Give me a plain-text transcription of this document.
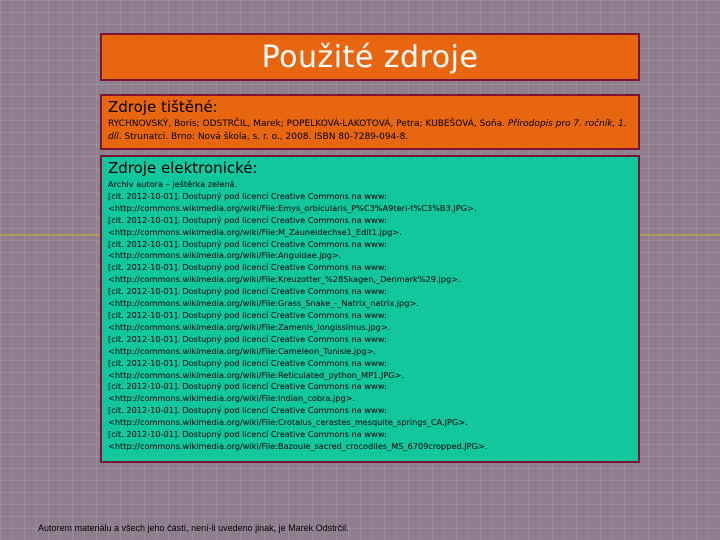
Použité zdroje
Zdroje tištěné:
RYCHNOVSKÝ, Boris; ODSTRČIL, Marek; POPELKOVÁ-LAKOTOVÁ, Petra; KUBEŠOVÁ, Soňa. Přírodopis pro 7. ročník, 1. díl. Strunatci. Brno: Nová škola, s. r. o., 2008. ISBN 80-7289-094-8.
Zdroje elektronické:
Archiv autora – ještěrka zelená.
[cit. 2012-10-01]. Dostupný pod licencí Creative Commons na www:
<http://commons.wikimedia.org/wiki/File:Emys_orbicularis_P%C3%A9teri-t%C3%B3.JPG>.
[cit. 2012-10-01]. Dostupný pod licencí Creative Commons na www:
<http://commons.wikimedia.org/wiki/File:M_Zauneidechse1_Edit1.jpg>.
[cit. 2012-10-01]. Dostupný pod licencí Creative Commons na www:
<http://commons.wikimedia.org/wiki/File:Anguidae.jpg>.
[cit. 2012-10-01]. Dostupný pod licencí Creative Commons na www:
<http://commons.wikimedia.org/wiki/File:Kreuzotter_%28Skagen,_Denmark%29.jpg>.
[cit. 2012-10-01]. Dostupný pod licencí Creative Commons na www:
<http://commons.wikimedia.org/wiki/File:Grass_Snake_-_Natrix_natrix.jpg>.
[cit. 2012-10-01]. Dostupný pod licencí Creative Commons na www:
<http://commons.wikimedia.org/wiki/File:Zamenis_longissimus.jpg>.
[cit. 2012-10-01]. Dostupný pod licencí Creative Commons na www:
<http://commons.wikimedia.org/wiki/File:Cameleon_Tunisie.jpg>.
[cit. 2012-10-01]. Dostupný pod licencí Creative Commons na www:
<http://commons.wikimedia.org/wiki/File:Reticulated_python_MP1.JPG>.
[cit. 2012-10-01]. Dostupný pod licencí Creative Commons na www:
<http://commons.wikimedia.org/wiki/File:Indian_cobra.jpg>.
[cit. 2012-10-01]. Dostupný pod licencí Creative Commons na www:
<http://commons.wikimedia.org/wiki/File:Crotalus_cerastes_mesquite_springs_CA.JPG>.
[cit. 2012-10-01]. Dostupný pod licencí Creative Commons na www:
<http://commons.wikimedia.org/wiki/File:Bazoule_sacred_crocodiles_MS_6709cropped.JPG>.
Autorem materiálu a všech jeho částí, není-li uvedeno jinak, je Marek Odstrčil.
